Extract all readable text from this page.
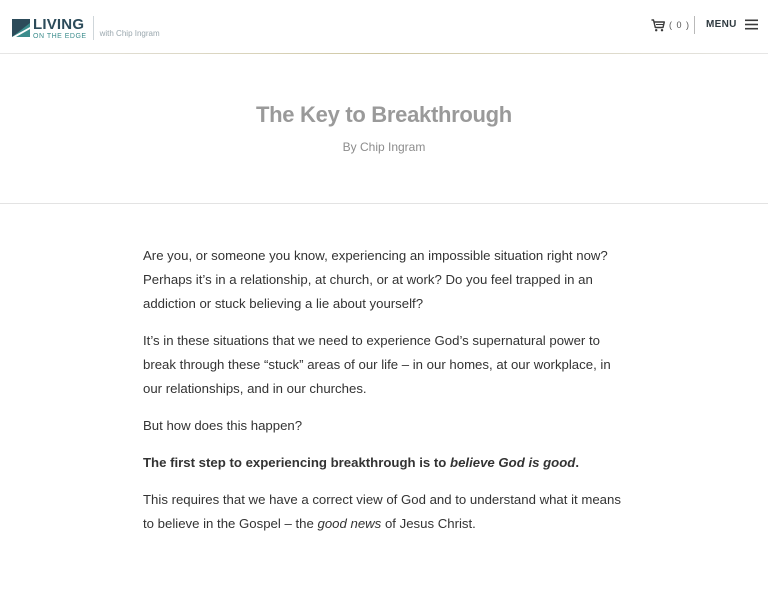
LIVING
ON THE EDGE with Chip Ingram
( 0 ) MENU
The Key to Breakthrough
By Chip Ingram

Are you, or someone you know, experiencing an impossible situation right now? Perhaps it’s in a relationship, at church, or at work? Do you feel trapped in an addiction or stuck believing a lie about yourself?

It’s in these situations that we need to experience God’s supernatural power to break through these “stuck” areas of our life – in our homes, at our workplace, in our relationships, and in our churches.

But how does this happen?

The first step to experiencing breakthrough is to believe God is good.

This requires that we have a correct view of God and to understand what it means to believe in the Gospel – the good news of Jesus Christ.
